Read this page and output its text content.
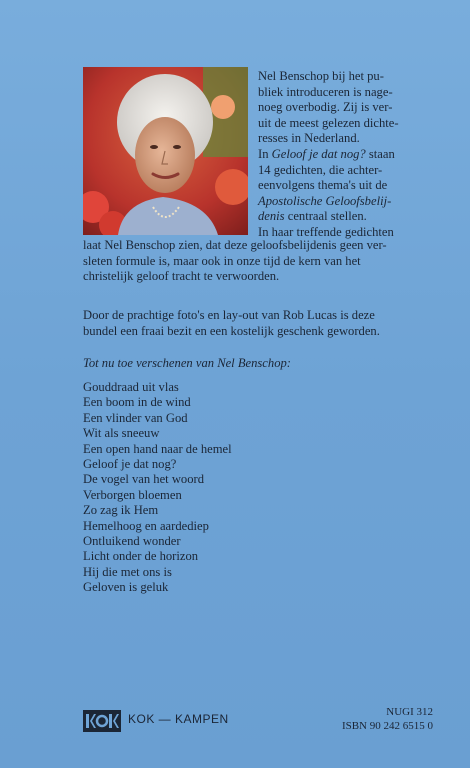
Nel Benschop bij het pu-

bliek introduceren is nage-

noeg overbodig. Zij is ver-

uit de meest gelezen dichte-

resses in Nederland.

In Geloof je dat nog? staan

14 gedichten, die achter-

eenvolgens thema's uit de

Apostolische Geloofsbelij-

denis centraal stellen.

In haar treffende gedichten

laat Nel Benschop zien, dat deze geloofsbelijdenis geen ver-
sleten formule is, maar ook in onze tijd de kern van het
christelijk geloof tracht te verwoorden.
Door de prachtige foto's en lay-out van Rob Lucas is deze
bundel een fraai bezit en een kostelijk geschenk geworden.
Tot nu toe verschenen van Nel Benschop:
Gouddraad uit vlas
Een boom in de wind
Een vlinder van God
Wit als sneeuw
Een open hand naar de hemel
Geloof je dat nog?
De vogel van het woord
Verborgen bloemen
Zo zag ik Hem
Hemelhoog en aardediep
Ontluikend wonder
Licht onder de horizon
Hij die met ons is
Geloven is geluk
KOK — KAMPEN	NUGI 312
ISBN 90 242 6515 0
